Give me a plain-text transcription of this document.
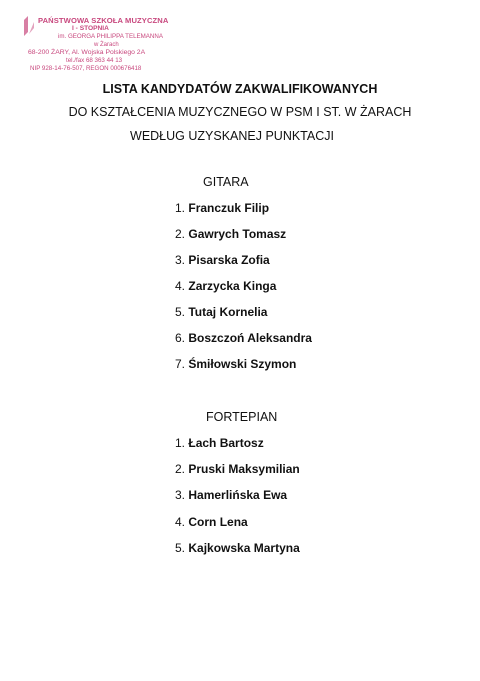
PAŃSTWOWA SZKOŁA MUZYCZNA
I - STOPNIA
im. GEORGA PHILIPPA TELEMANNA
w Żarach
68-200 ŻARY, Al. Wojska Polskiego 2A
tel./fax 68 363 44 13
NIP 928-14-76-507, REGON 000676418
LISTA KANDYDATÓW ZAKWALIFIKOWANYCH
DO KSZTAŁCENIA MUZYCZNEGO W PSM I ST. W ŻARACH
WEDŁUG UZYSKANEJ PUNKTACJI
GITARA
1. Franczuk Filip
2. Gawrych Tomasz
3. Pisarska Zofia
4. Zarzycka Kinga
5. Tutaj Kornelia
6. Boszczoń Aleksandra
7. Śmiłowski Szymon
FORTEPIAN
1. Łach Bartosz
2. Pruski Maksymilian
3. Hamerlińska Ewa
4. Corn Lena
5. Kajkowska Martyna
